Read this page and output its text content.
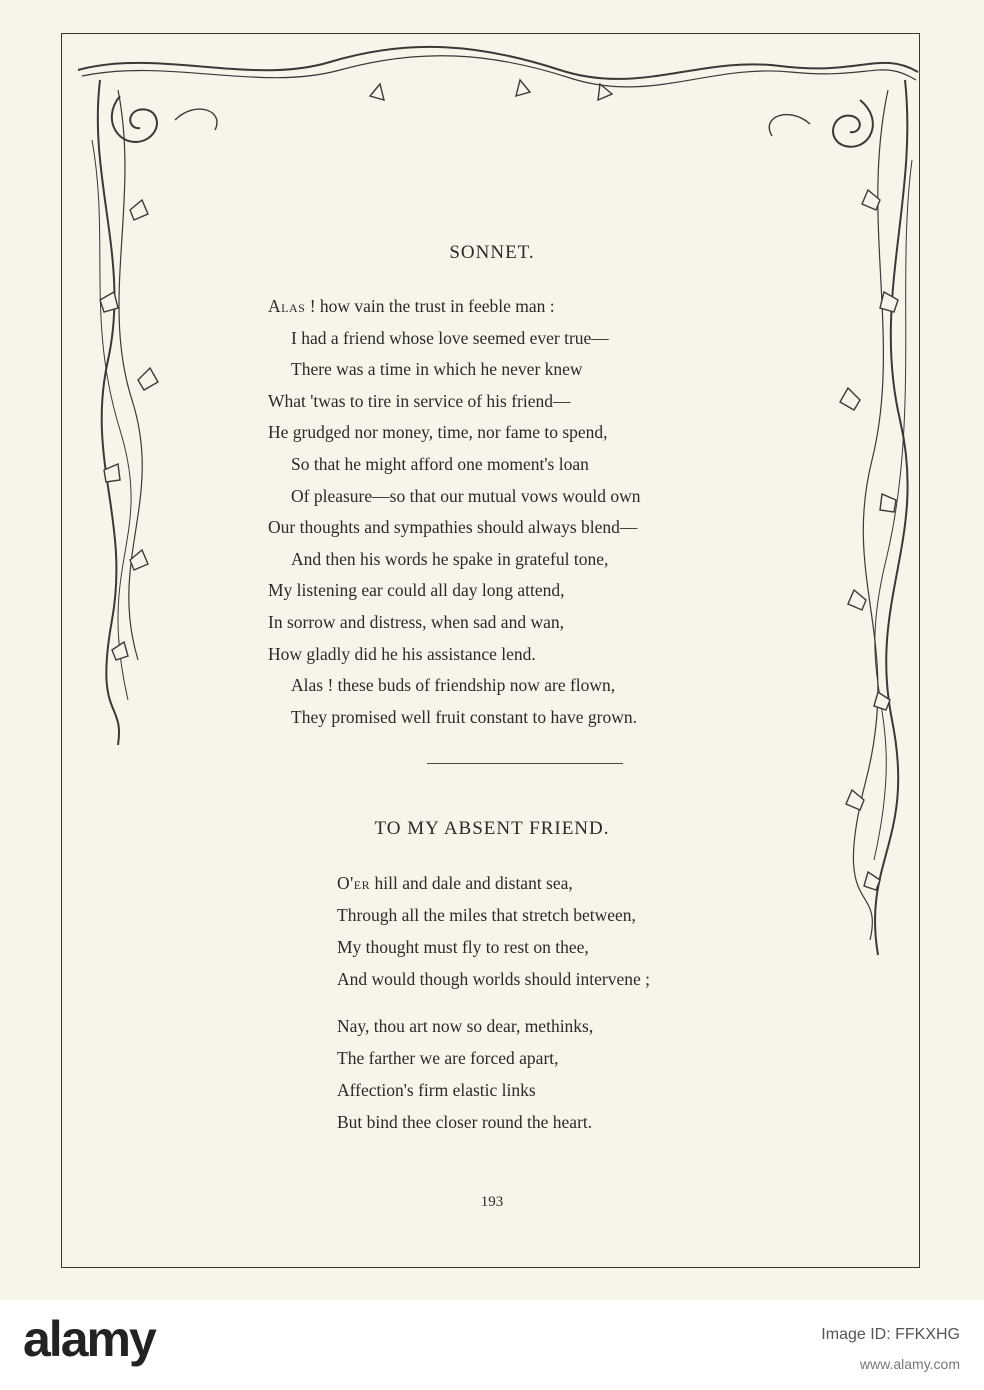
SONNET.
Alas ! how vain the trust in feeble man :
I had a friend whose love seemed ever true—
There was a time in which he never knew
What 'twas to tire in service of his friend—
He grudged nor money, time, nor fame to spend,
So that he might afford one moment's loan
Of pleasure—so that our mutual vows would own
Our thoughts and sympathies should always blend—
And then his words he spake in grateful tone,
My listening ear could all day long attend,
In sorrow and distress, when sad and wan,
How gladly did he his assistance lend.
Alas ! these buds of friendship now are flown,
They promised well fruit constant to have grown.
TO MY ABSENT FRIEND.
O'er hill and dale and distant sea,
Through all the miles that stretch between,
My thought must fly to rest on thee,
And would though worlds should intervene ;
Nay, thou art now so dear, methinks,
The farther we are forced apart,
Affection's firm elastic links
But bind thee closer round the heart.

193

alamy	Image ID: FFKXHG
www.alamy.com
